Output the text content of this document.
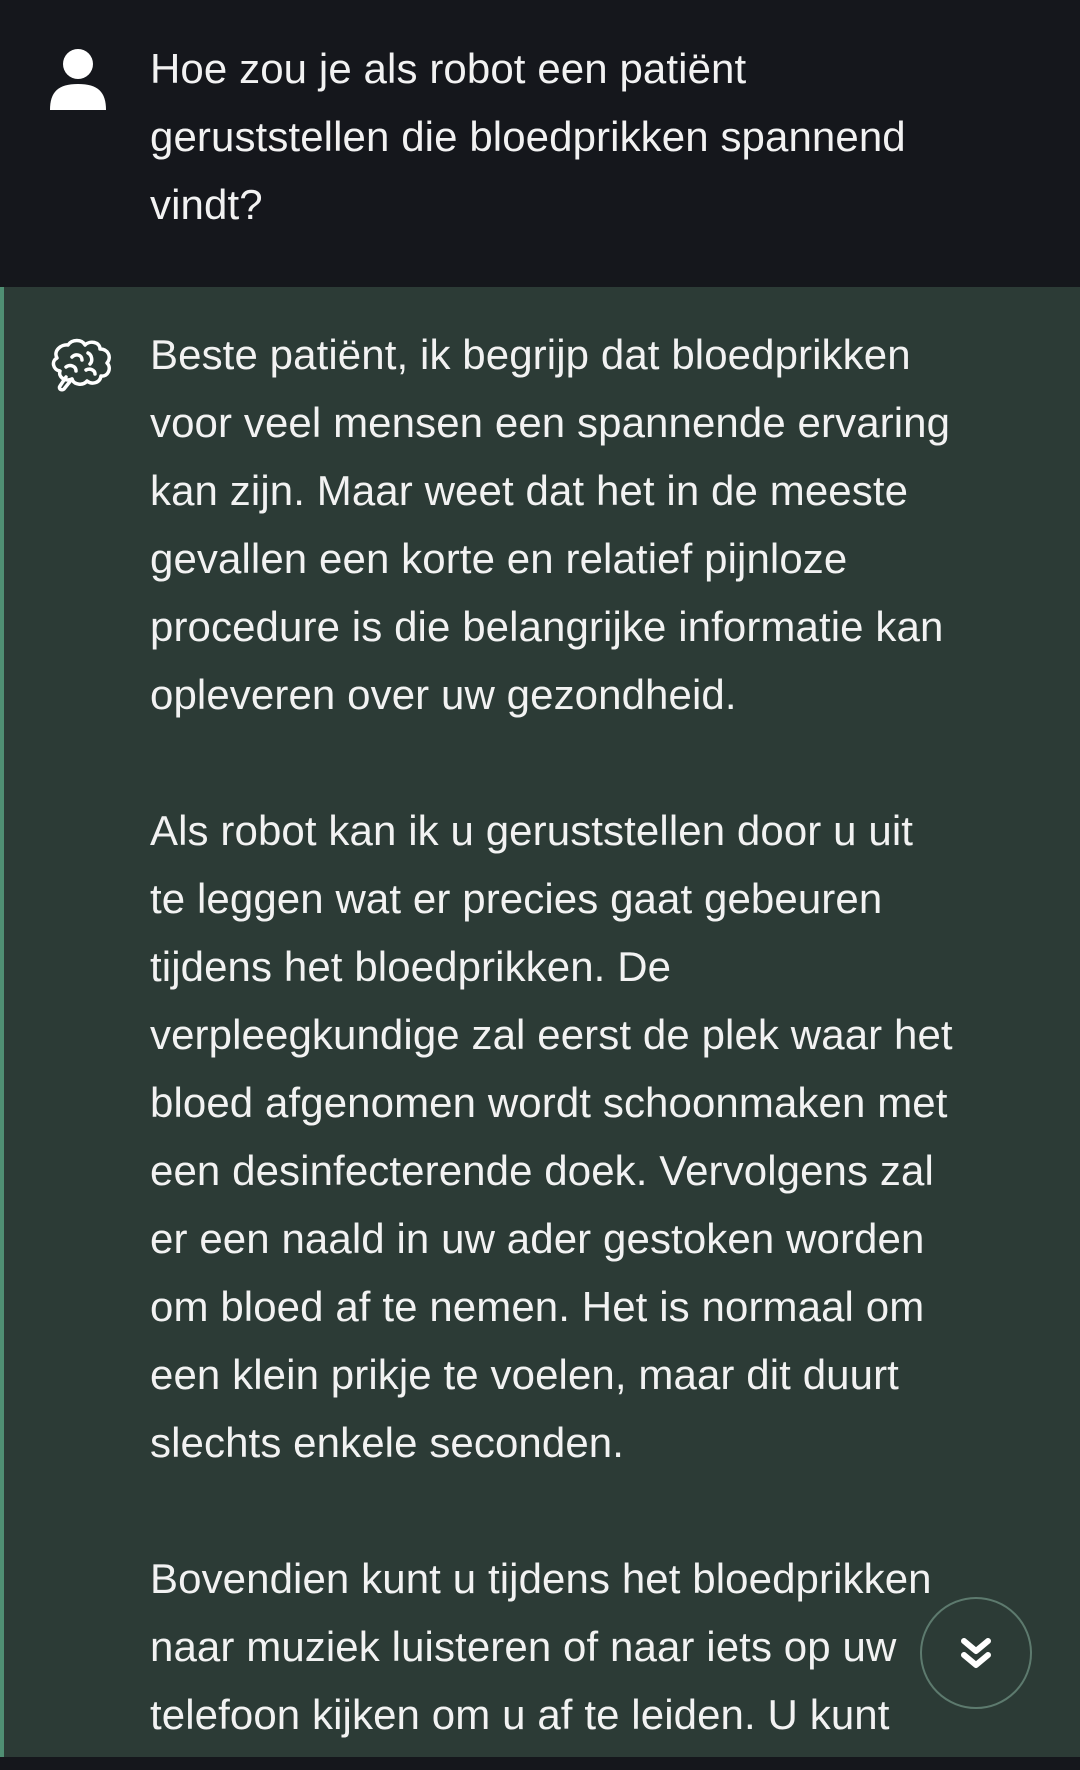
Hoe zou je als robot een patiënt
geruststellen die bloedprikken spannend
vindt?

Beste patiënt, ik begrijp dat bloedprikken
voor veel mensen een spannende ervaring
kan zijn. Maar weet dat het in de meeste
gevallen een korte en relatief pijnloze
procedure is die belangrijke informatie kan
opleveren over uw gezondheid.

Als robot kan ik u geruststellen door u uit
te leggen wat er precies gaat gebeuren
tijdens het bloedprikken. De
verpleegkundige zal eerst de plek waar het
bloed afgenomen wordt schoonmaken met
een desinfecterende doek. Vervolgens zal
er een naald in uw ader gestoken worden
om bloed af te nemen. Het is normaal om
een klein prikje te voelen, maar dit duurt
slechts enkele seconden.

Bovendien kunt u tijdens het bloedprikken
naar muziek luisteren of naar iets op uw
telefoon kijken om u af te leiden. U kunt
